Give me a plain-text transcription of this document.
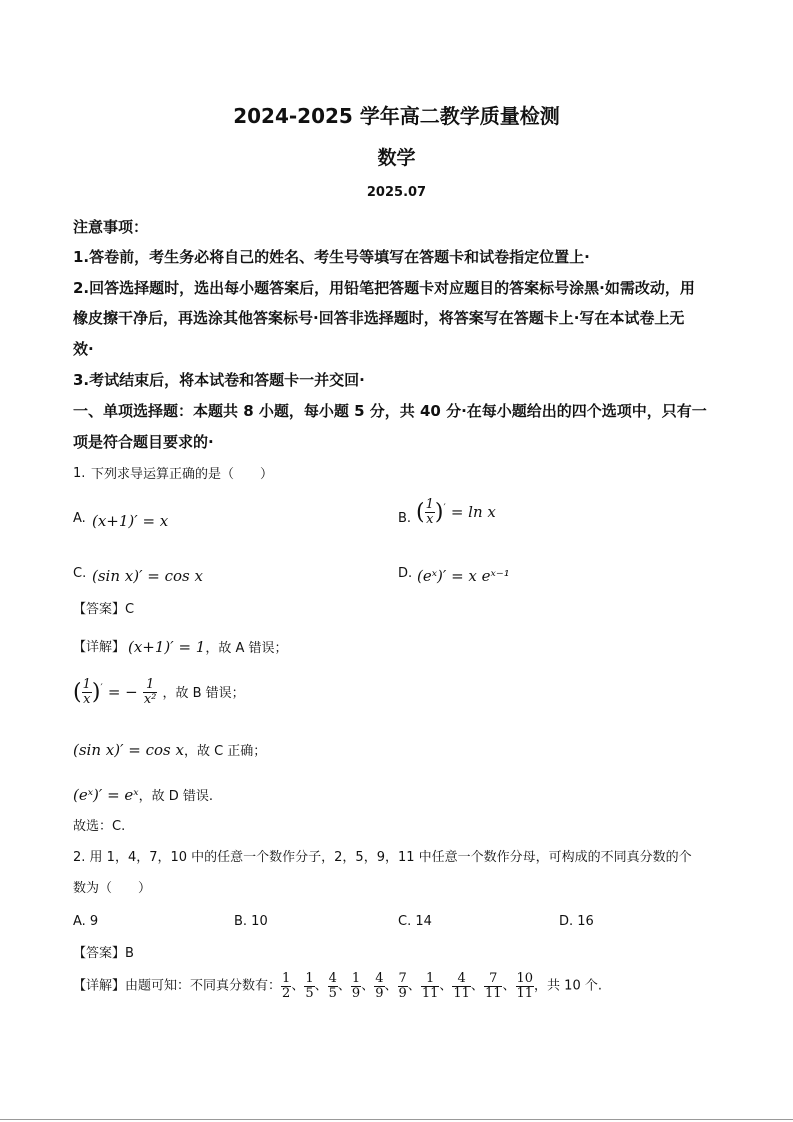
2024-2025 学年高二教学质量检测
数学
2025.07
注意事项：
1.答卷前，考生务必将自己的姓名、考生号等填写在答题卡和试卷指定位置上·
2.回答选择题时，选出每小题答案后，用铅笔把答题卡对应题目的答案标号涂黑·如需改动，用
橡皮擦干净后，再选涂其他答案标号·回答非选择题时，将答案写在答题卡上·写在本试卷上无
效·
3.考试结束后，将本试卷和答题卡一并交回·
一、单项选择题：本题共 8 小题，每小题 5 分，共 40 分·在每小题给出的四个选项中，只有一
项是符合题目要求的·
1. 下列求导运算正确的是（　　）
A. (x+1)′ = x	B. ( $\frac{1}{x} )' = \ln x$
C. (sin x)′ = cos x	D. (eˣ)′ = x eˣ⁻¹
【答案】C
【详解】 (x+1)′ = 1，故 A 错误；
( $\frac{1}{x} )'$ = − $\frac{1}{\text{x²}}$ ，故 B 错误；
(sin x)′ = cos x，故 C 正确；
(eˣ)′ = eˣ，故 D 错误.
故选：C.
2. 用 1，4，7，10 中的任意一个数作分子，2，5，9，11 中任意一个数作分母，可构成的不同真分数的个
数为（　　）
A. 9	B. 10	C. 14	D. 16
【答案】B
【详解】由题可知：不同真分数有： $\frac{1}{2}$ 、 $\frac{1}{5}$ 、 $\frac{4}{5}$ 、 $\frac{1}{9}$ 、 $\frac{4}{9}$ 、 $\frac{7}{9}$ 、 $\frac{1}{11}$ 、 $\frac{4}{11}$ 、 $\frac{7}{11}$ 、 $\frac{10}{11}$ ，共 10 个.
